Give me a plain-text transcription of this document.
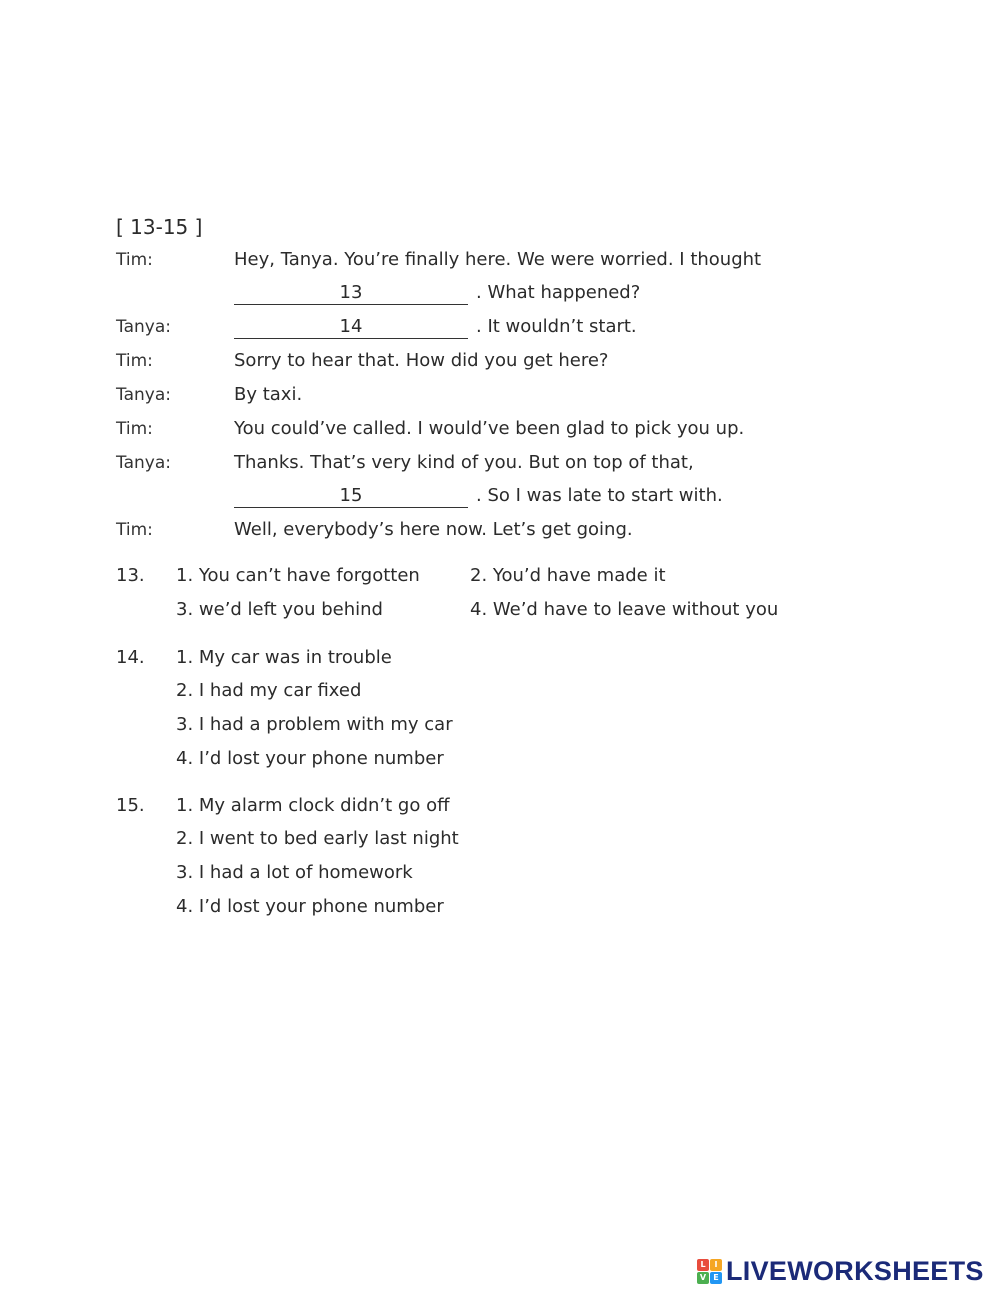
[ 13-15 ]
Tim:	Hey, Tanya. You’re finally here. We were worried. I thought
13	. What happened?
Tanya:	14	. It wouldn’t start.
Tim:	Sorry to hear that. How did you get here?
Tanya:	By taxi.
Tim:	You could’ve called. I would’ve been glad to pick you up.
Tanya:	Thanks. That’s very kind of you. But on top of that,
15	. So I was late to start with.
Tim:	Well, everybody’s here now. Let’s get going.
13. 1. You can’t have forgotten	2. You’d have made it
3. we’d left you behind	4. We’d have to leave without you
14. 1. My car was in trouble
2. I had my car fixed
3. I had a problem with my car
4. I’d lost your phone number
15. 1. My alarm clock didn’t go off
2. I went to bed early last night
3. I had a lot of homework
4. I’d lost your phone number
L	I
V E LIVEWORKSHEETS
